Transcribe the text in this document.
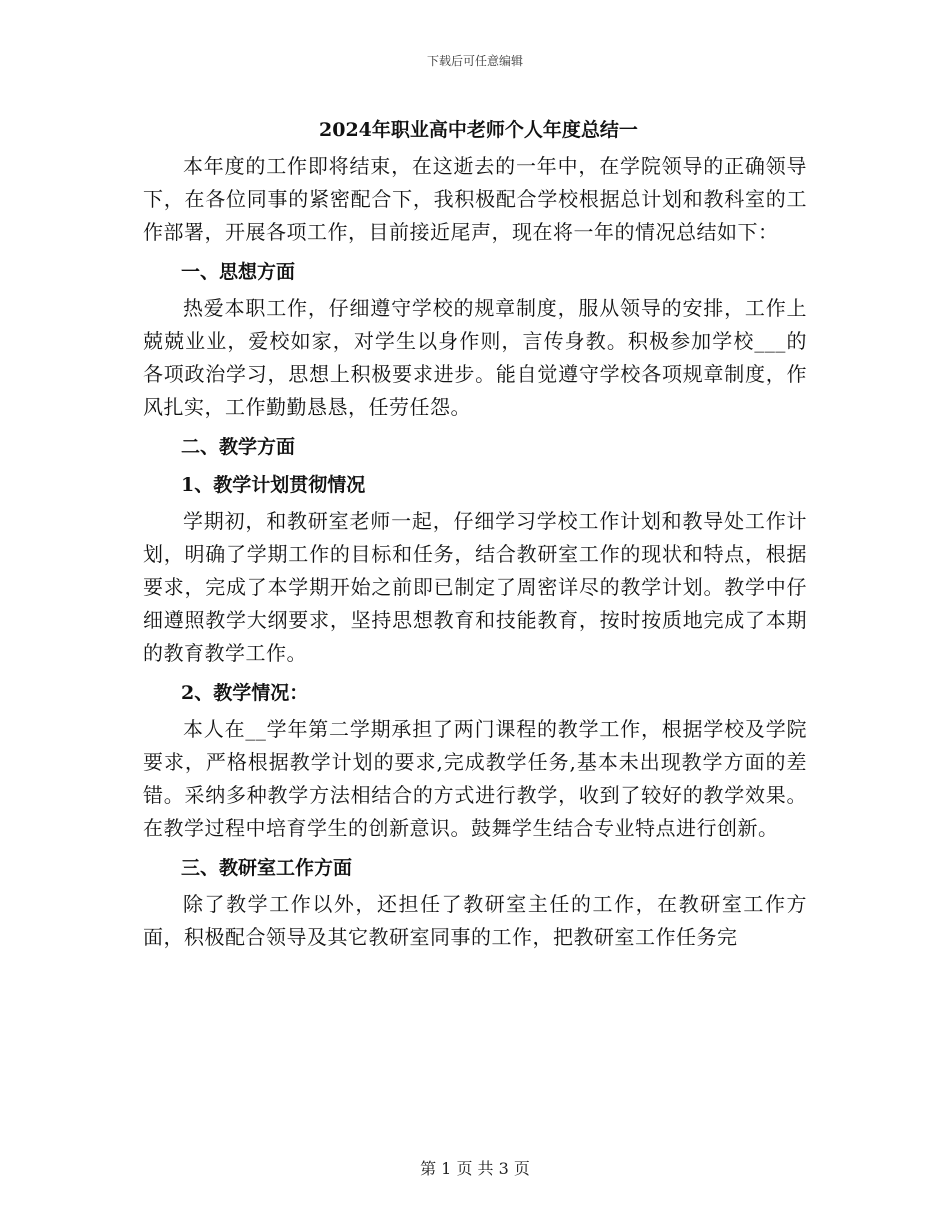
下载后可任意编辑
2024年职业高中老师个人年度总结一

本年度的工作即将结束，在这逝去的一年中，在学院领导的正确领导下，在各位同事的紧密配合下，我积极配合学校根据总计划和教科室的工作部署，开展各项工作，目前接近尾声，现在将一年的情况总结如下：

一、思想方面

热爱本职工作，仔细遵守学校的规章制度，服从领导的安排，工作上兢兢业业，爱校如家，对学生以身作则，言传身教。积极参加学校___的各项政治学习，思想上积极要求进步。能自觉遵守学校各项规章制度，作风扎实，工作勤勤恳恳，任劳任怨。

二、教学方面
1、教学计划贯彻情况

学期初，和教研室老师一起，仔细学习学校工作计划和教导处工作计划，明确了学期工作的目标和任务，结合教研室工作的现状和特点，根据要求，完成了本学期开始之前即已制定了周密详尽的教学计划。教学中仔细遵照教学大纲要求，坚持思想教育和技能教育，按时按质地完成了本期的教育教学工作。

2、教学情况：

本人在__学年第二学期承担了两门课程的教学工作，根据学校及学院要求，严格根据教学计划的要求,完成教学任务,基本未出现教学方面的差错。采纳多种教学方法相结合的方式进行教学，收到了较好的教学效果。在教学过程中培育学生的创新意识。鼓舞学生结合专业特点进行创新。

三、教研室工作方面

除了教学工作以外，还担任了教研室主任的工作，在教研室工作方面，积极配合领导及其它教研室同事的工作，把教研室工作任务完

第 1 页 共 3 页
